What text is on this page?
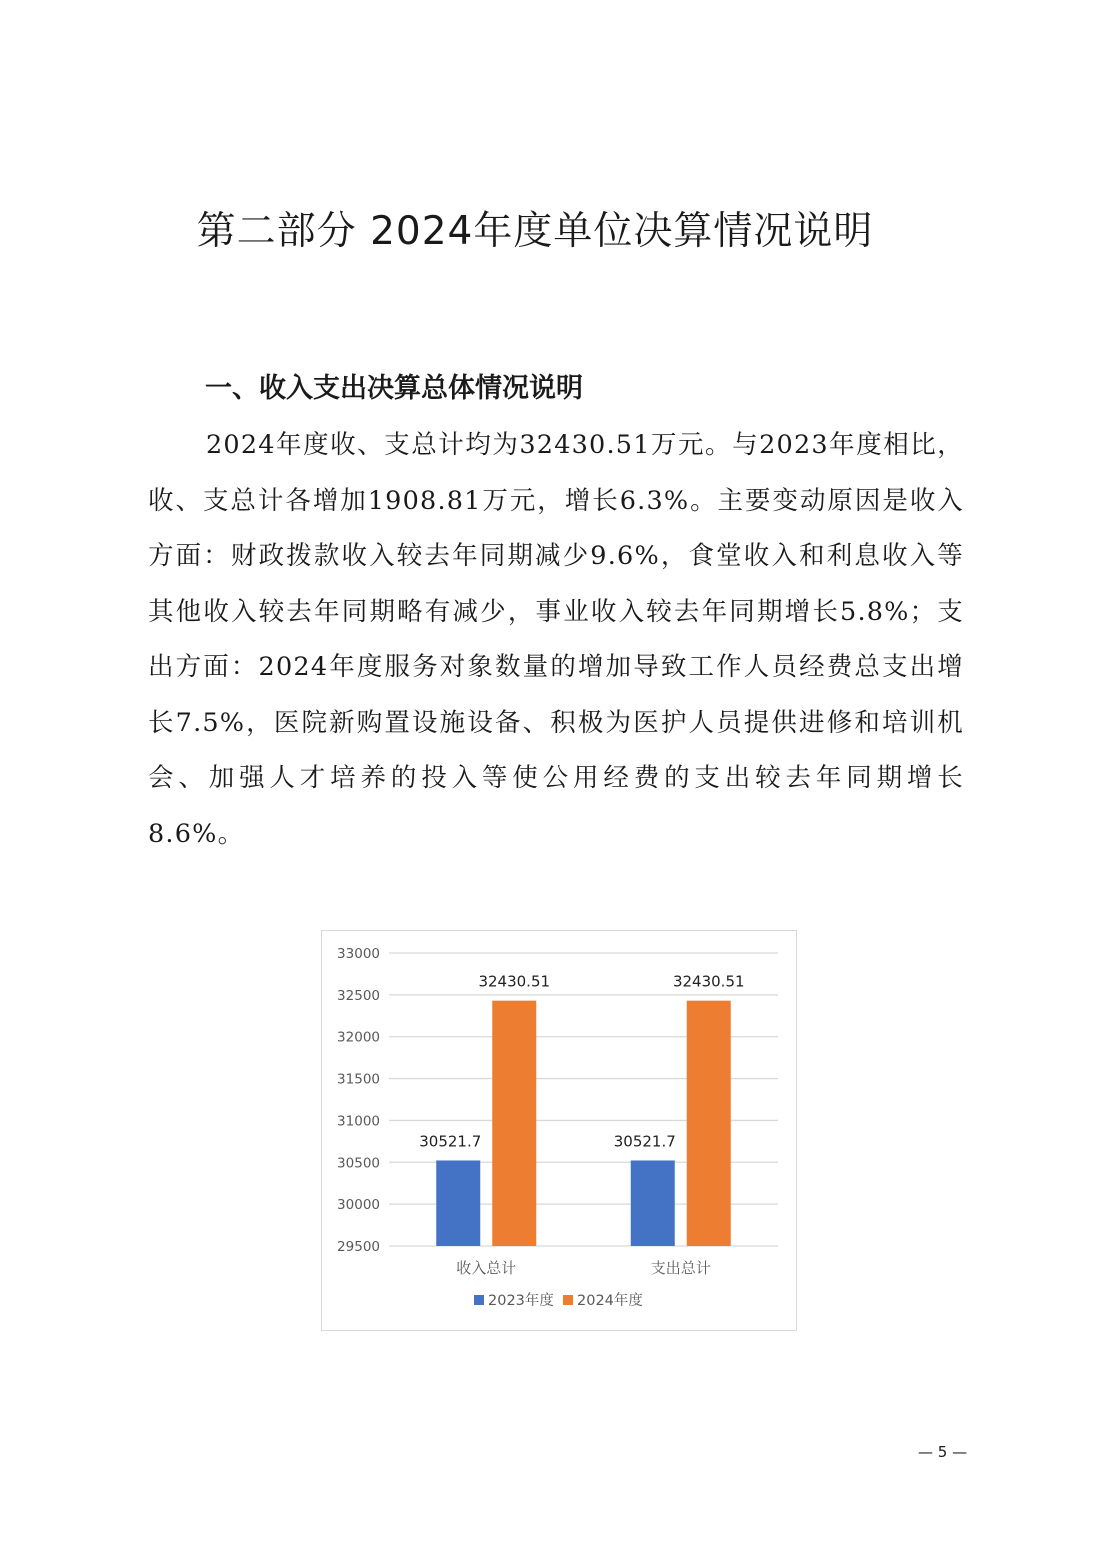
第二部分 2024年度单位决算情况说明
一、收入支出决算总体情况说明

2024年度收、支总计均为32430.51万元。与2023年度相比，收、支总计各增加1908.81万元，增长6.3%。主要变动原因是收入方面：财政拨款收入较去年同期减少9.6%，食堂收入和利息收入等其他收入较去年同期略有减少，事业收入较去年同期增长5.8%；支出方面：2024年度服务对象数量的增加导致工作人员经费总支出增长7.5%，医院新购置设施设备、积极为医护人员提供进修和培训机会、加强人才培养的投入等使公用经费的支出较去年同期增长8.6%。

29500
30000
30500
31000
31500
32000
32500
33000
30521.7
32430.51
收入总计
30521.7
32430.51
支出总计
2023年度 2024年度
— 5 —
